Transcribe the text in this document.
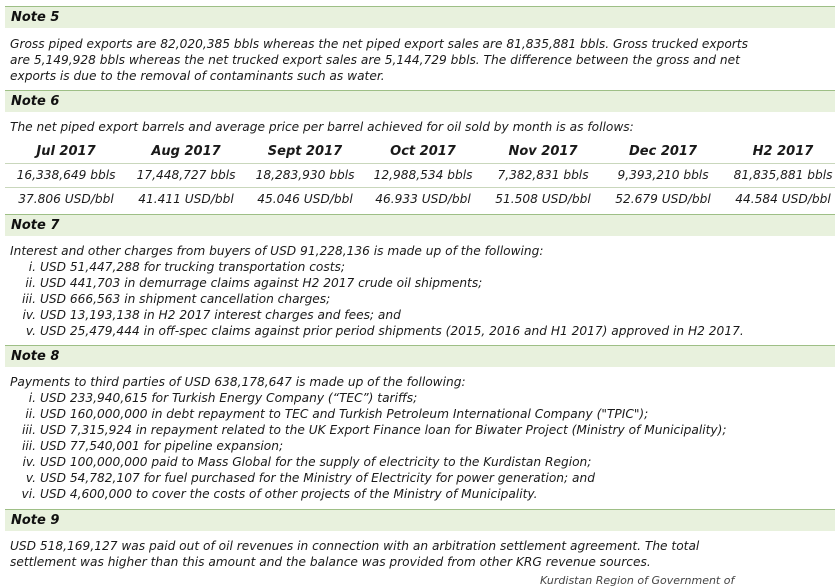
Note 5
Gross piped exports are 82,020,385 bbls whereas the net piped export sales are 81,835,881 bbls. Gross trucked exports
are 5,149,928 bbls whereas the net trucked export sales are 5,144,729 bbls. The difference between the gross and net
exports is due to the removal of contaminants such as water.
Note 6
The net piped export barrels and average price per barrel achieved for oil sold by month is as follows:
Jul 2017	Aug 2017	Sept 2017	Oct 2017	Nov 2017	Dec 2017	H2 2017
16,338,649 bbls	17,448,727 bbls	18,283,930 bbls	12,988,534 bbls	7,382,831 bbls	9,393,210 bbls	81,835,881 bbls
37.806 USD/bbl	41.411 USD/bbl	45.046 USD/bbl	46.933 USD/bbl	51.508 USD/bbl	52.679 USD/bbl	44.584 USD/bbl
Note 7
Interest and other charges from buyers of USD 91,228,136 is made up of the following:
i. USD 51,447,288 for trucking transportation costs;
ii. USD 441,703 in demurrage claims against H2 2017 crude oil shipments;
iii. USD 666,563 in shipment cancellation charges;
iv. USD 13,193,138 in H2 2017 interest charges and fees; and
v. USD 25,479,444 in off-spec claims against prior period shipments (2015, 2016 and H1 2017) approved in H2 2017.
Note 8
Payments to third parties of USD 638,178,647 is made up of the following:
i. USD 233,940,615 for Turkish Energy Company (“TEC”) tariffs;
ii. USD 160,000,000 in debt repayment to TEC and Turkish Petroleum International Company ("TPIC");
iii. USD 7,315,924 in repayment related to the UK Export Finance loan for Biwater Project (Ministry of Municipality);
iii. USD 77,540,001 for pipeline expansion;
iv. USD 100,000,000 paid to Mass Global for the supply of electricity to the Kurdistan Region;
v. USD 54,782,107 for fuel purchased for the Ministry of Electricity for power generation; and
vi. USD 4,600,000 to cover the costs of other projects of the Ministry of Municipality.
Note 9
USD 518,169,127 was paid out of oil revenues in connection with an arbitration settlement agreement. The total
settlement was higher than this amount and the balance was provided from other KRG revenue sources.
Kurdistan Region of Government of
